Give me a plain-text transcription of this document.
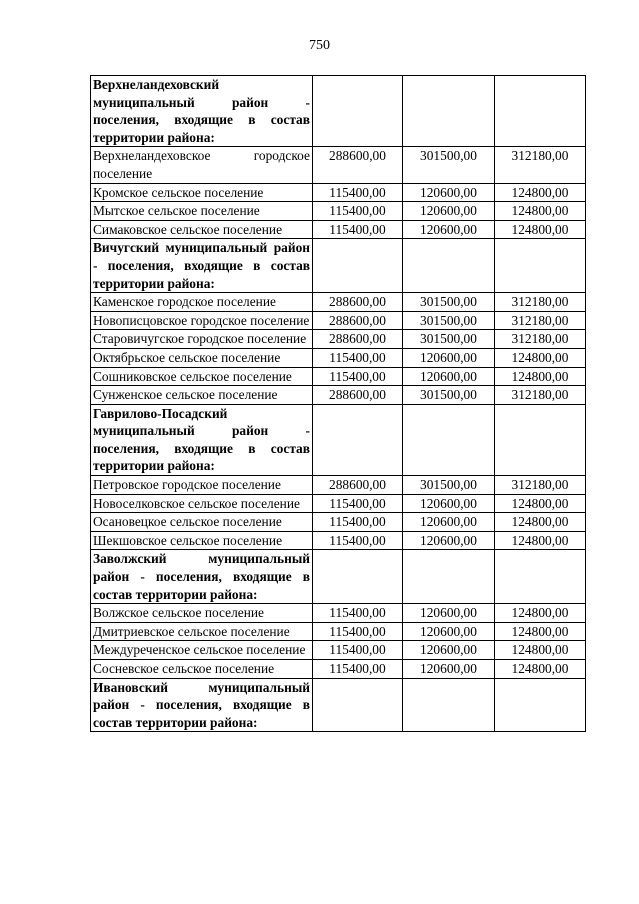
750
Верхнеландеховский муниципальный район - поселения, входящие в состав территории района:			
Верхнеландеховское городское поселение	288600,00	301500,00	312180,00
Кромское сельское поселение	115400,00	120600,00	124800,00
Мытское сельское поселение	115400,00	120600,00	124800,00
Симаковское сельское поселение	115400,00	120600,00	124800,00
Вичугский муниципальный район - поселения, входящие в состав территории района:			
Каменское городское поселение	288600,00	301500,00	312180,00
Новописцовское городское поселение	288600,00	301500,00	312180,00
Старовичугское городское поселение	288600,00	301500,00	312180,00
Октябрьское сельское поселение	115400,00	120600,00	124800,00
Сошниковское сельское поселение	115400,00	120600,00	124800,00
Сунженское сельское поселение	288600,00	301500,00	312180,00
Гаврилово-Посадский муниципальный район - поселения, входящие в состав территории района:			
Петровское городское поселение	288600,00	301500,00	312180,00
Новоселковское сельское поселение	115400,00	120600,00	124800,00
Осановецкое сельское поселение	115400,00	120600,00	124800,00
Шекшовское сельское поселение	115400,00	120600,00	124800,00
Заволжский муниципальный район - поселения, входящие в состав территории района:			
Волжское сельское поселение	115400,00	120600,00	124800,00
Дмитриевское сельское поселение	115400,00	120600,00	124800,00
Междуреченское сельское поселение	115400,00	120600,00	124800,00
Сосневское сельское поселение	115400,00	120600,00	124800,00
Ивановский муниципальный район - поселения, входящие в состав территории района:			
